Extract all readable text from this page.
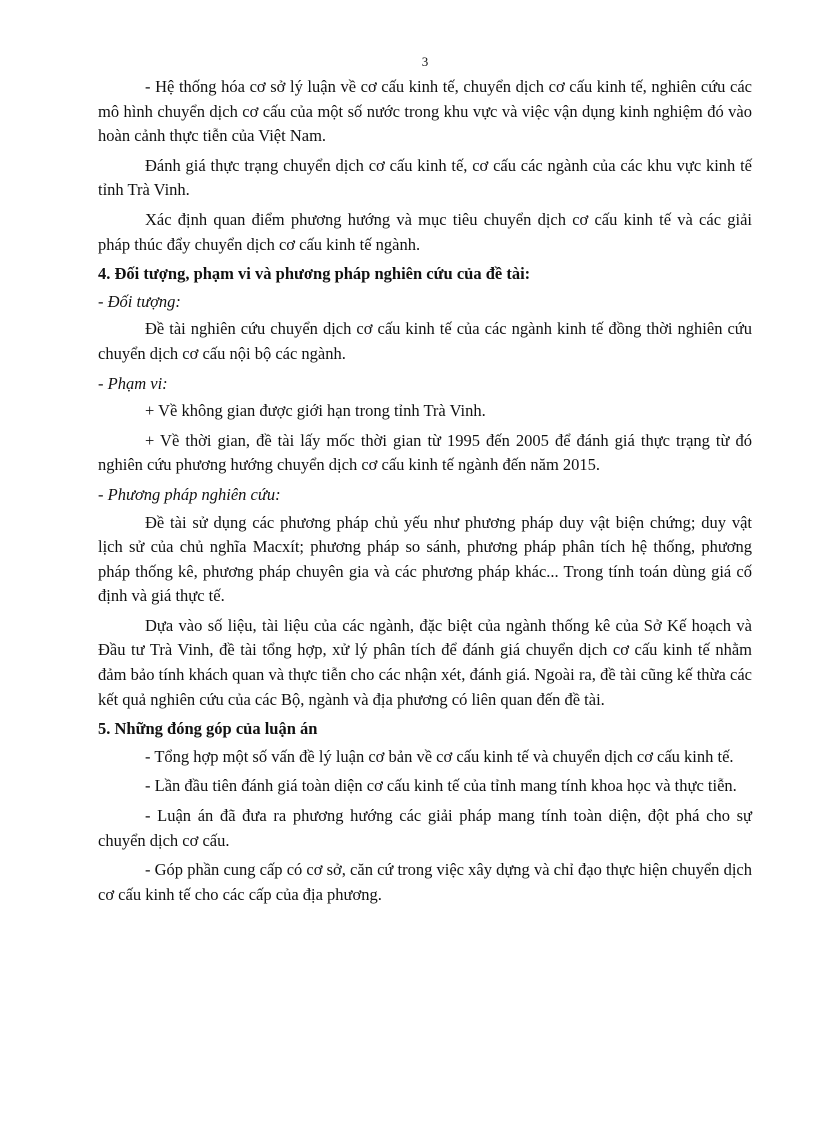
3

- Hệ thống hóa cơ sở lý luận về cơ cấu kinh tế, chuyển dịch cơ cấu kinh tế, nghiên cứu các mô hình chuyển dịch cơ cấu của một số nước trong khu vực và việc vận dụng kinh nghiệm đó vào hoàn cảnh thực tiễn của Việt Nam.

Đánh giá thực trạng chuyển dịch cơ cấu kinh tế, cơ cấu các ngành của các khu vực kinh tế tỉnh Trà Vinh.

Xác định quan điểm phương hướng và mục tiêu chuyển dịch cơ cấu kinh tế và các giải pháp thúc đẩy chuyển dịch cơ cấu kinh tế ngành.

4. Đối tượng, phạm vi và phương pháp nghiên cứu của đề tài:

- Đối tượng:

Đề tài nghiên cứu chuyển dịch cơ cấu kinh tế của các ngành kinh tế đồng thời nghiên cứu chuyển dịch cơ cấu nội bộ các ngành.

- Phạm vi:

+ Về không gian được giới hạn trong tỉnh Trà Vinh.

+ Về thời gian, đề tài lấy mốc thời gian từ 1995 đến 2005 để đánh giá thực trạng từ đó nghiên cứu phương hướng chuyển dịch cơ cấu kinh tế ngành đến năm 2015.

- Phương pháp nghiên cứu:

Đề tài sử dụng các phương pháp chủ yếu như phương pháp duy vật biện chứng; duy vật lịch sử của chủ nghĩa Macxít; phương pháp so sánh, phương pháp phân tích hệ thống, phương pháp thống kê, phương pháp chuyên gia và các phương pháp khác... Trong tính toán dùng giá cố định và giá thực tế.

Dựa vào số liệu, tài liệu của các ngành, đặc biệt của ngành thống kê của Sở Kế hoạch và Đầu tư Trà Vinh, đề tài tổng hợp, xử lý phân tích để đánh giá chuyển dịch cơ cấu kinh tế nhằm đảm bảo tính khách quan và thực tiễn cho các nhận xét, đánh giá. Ngoài ra, đề tài cũng kế thừa các kết quả nghiên cứu của các Bộ, ngành và địa phương có liên quan đến đề tài.

5. Những đóng góp của luận án

- Tổng hợp một số vấn đề lý luận cơ bản về cơ cấu kinh tế và chuyển dịch cơ cấu kinh tế.

- Lần đầu tiên đánh giá toàn diện cơ cấu kinh tế của tỉnh mang tính khoa học và thực tiễn.

- Luận án đã đưa ra phương hướng các giải pháp mang tính toàn diện, đột phá cho sự chuyển dịch cơ cấu.

- Góp phần cung cấp có cơ sở, căn cứ trong việc xây dựng và chỉ đạo thực hiện chuyển dịch cơ cấu kinh tế cho các cấp của địa phương.
